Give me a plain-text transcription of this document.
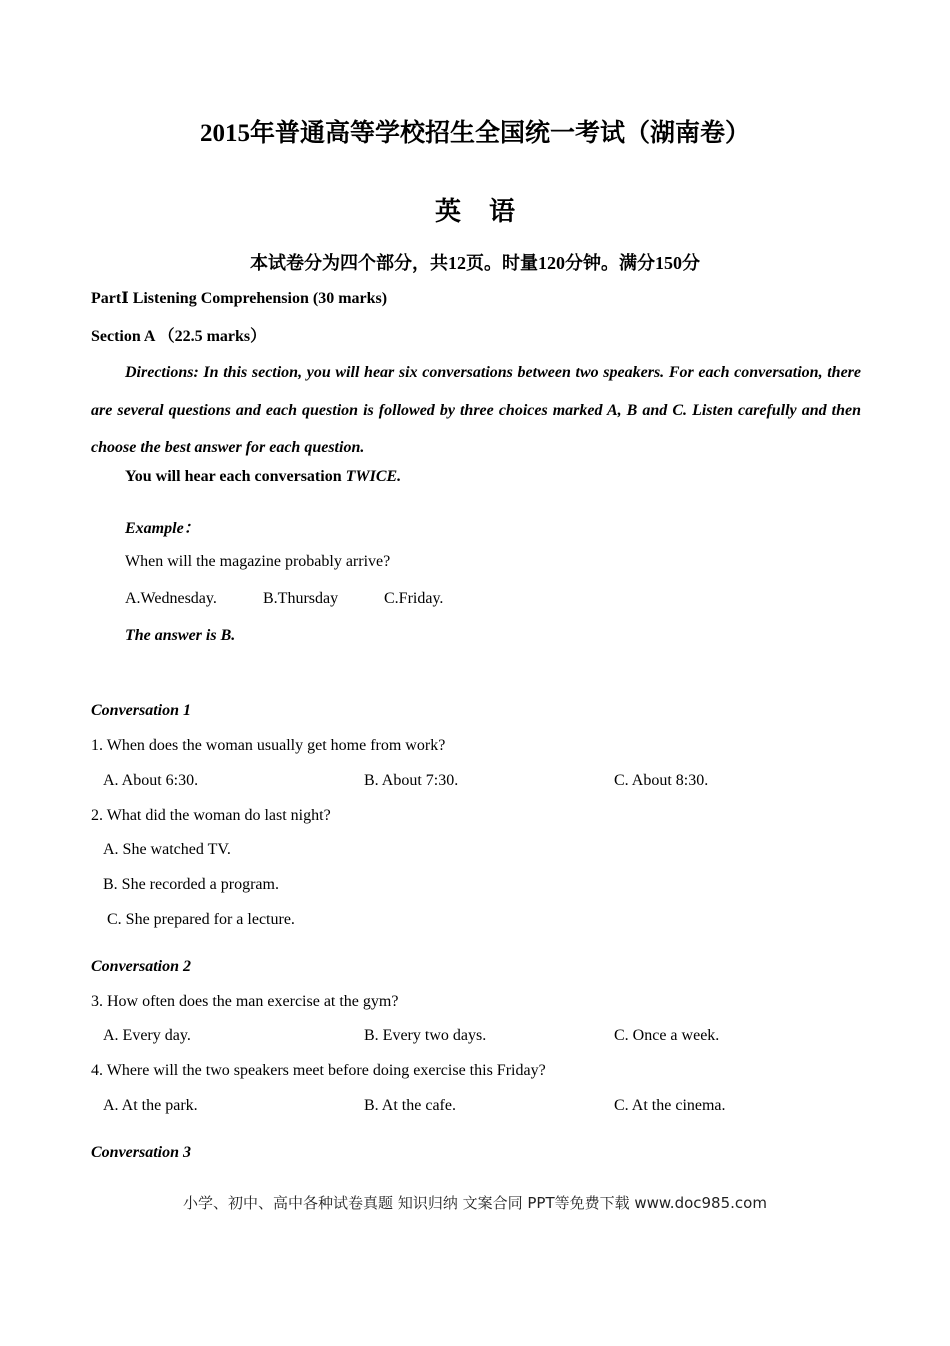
2015年普通高等学校招生全国统一考试（湖南卷）
英语
本试卷分为四个部分，共12页。时量120分钟。满分150分
PartⅠ Listening Comprehension (30 marks)
Section A （22.5 marks）
Directions: In this section, you will hear six conversations between two speakers. For each conversation, there are several questions and each question is followed by three choices marked A, B and C. Listen carefully and then choose the best answer for each question.
You will hear each conversation TWICE.
Example：
When will the magazine probably arrive?
A.Wednesday.	B.Thursday	C.Friday.
The answer is B.
Conversation 1
1. When does the woman usually get home from work?
A. About 6:30.	B. About 7:30.	C. About 8:30.
2. What did the woman do last night?
A. She watched TV.
B. She recorded a program.
C. She prepared for a lecture.
Conversation 2
3. How often does the man exercise at the gym?
A. Every day.	B. Every two days.	C. Once a week.
4. Where will the two speakers meet before doing exercise this Friday?
A. At the park.	B. At the cafe.	C. At the cinema.
Conversation 3
小学、初中、高中各种试卷真题 知识归纳 文案合同 PPT等免费下载 www.doc985.com
